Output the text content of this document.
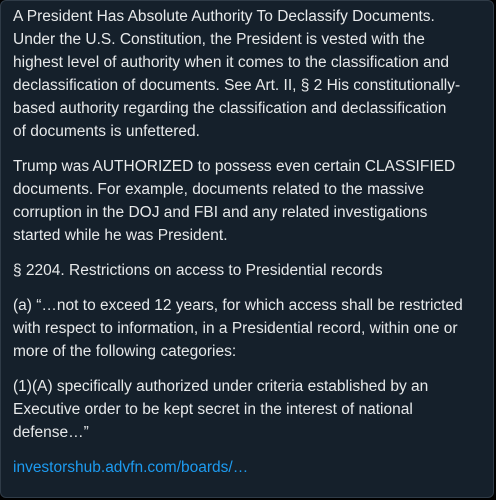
A President Has Absolute Authority To Declassify Documents.
Under the U.S. Constitution, the President is vested with the
highest level of authority when it comes to the classification and
declassification of documents. See Art. II, § 2 His constitutionally-
based authority regarding the classification and declassification
of documents is unfettered.

Trump was AUTHORIZED to possess even certain CLASSIFIED
documents. For example, documents related to the massive
corruption in the DOJ and FBI and any related investigations
started while he was President.

§ 2204. Restrictions on access to Presidential records

(a) “…not to exceed 12 years, for which access shall be restricted
with respect to information, in a Presidential record, within one or
more of the following categories:

(1)(A) specifically authorized under criteria established by an
Executive order to be kept secret in the interest of national
defense…”

investorshub.advfn.com/boards/…
